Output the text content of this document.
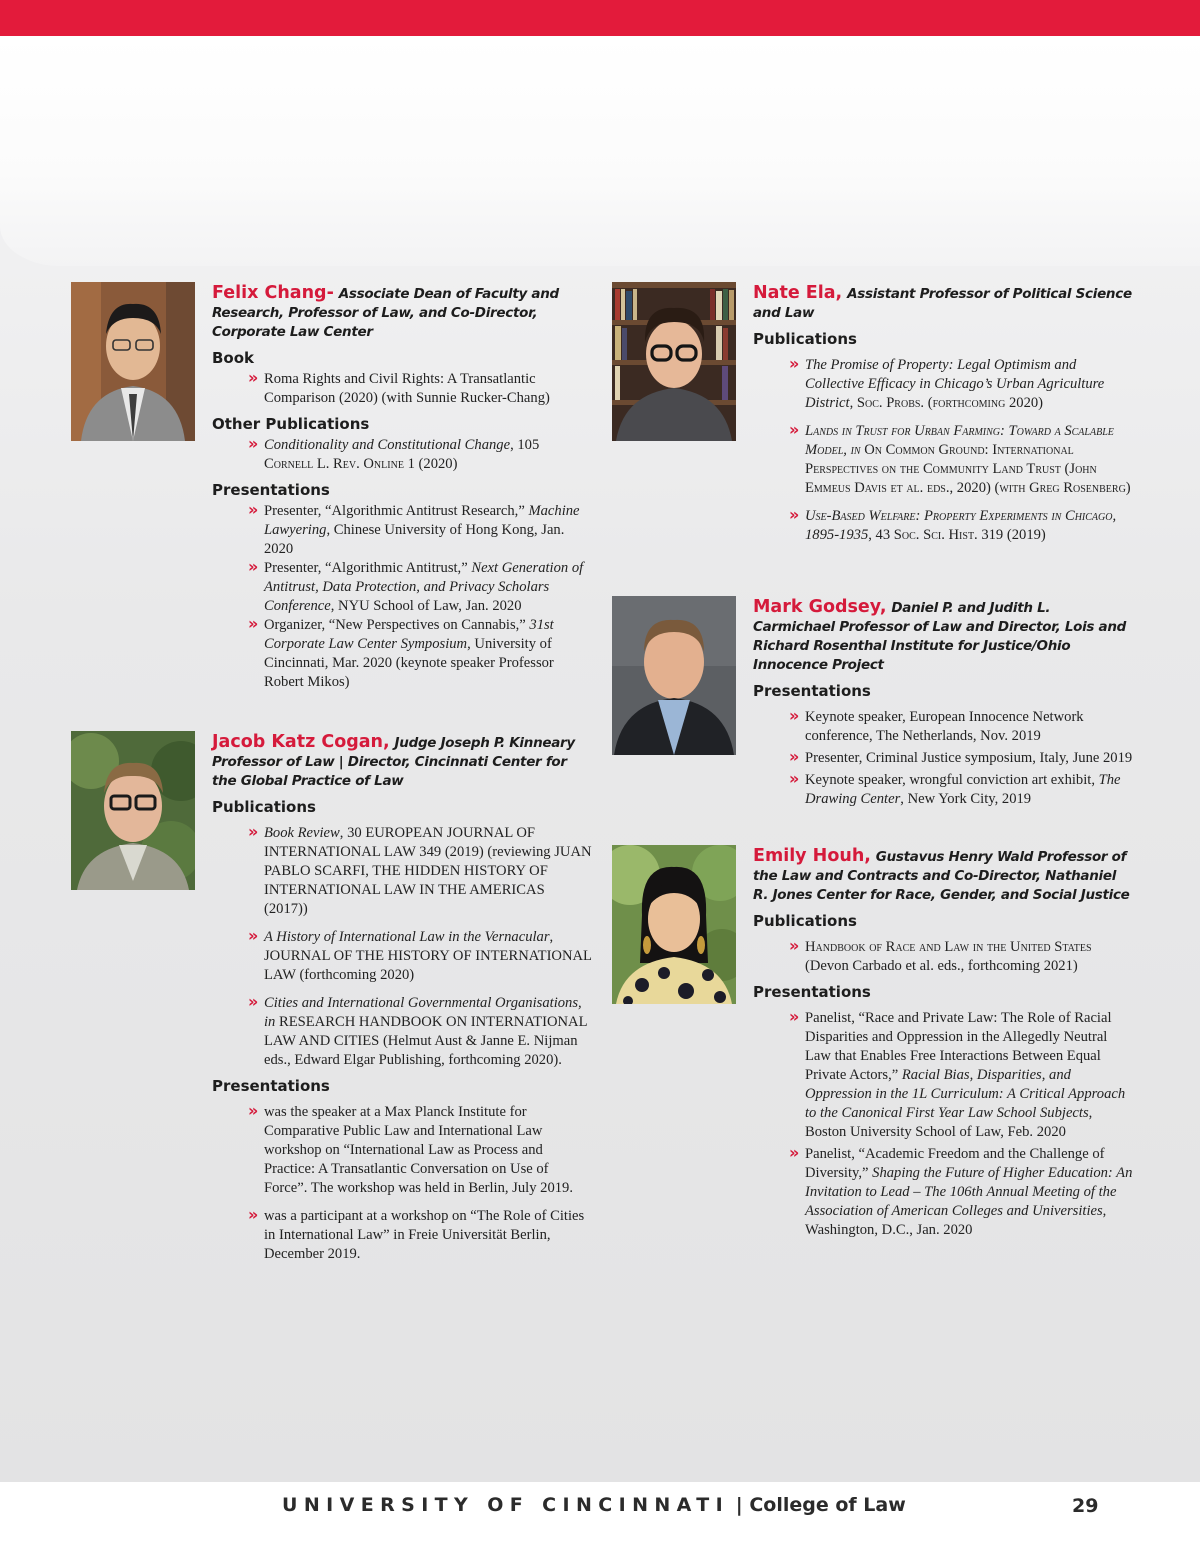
Felix Chang- Associate Dean of Faculty and Research, Professor of Law, and Co-Director, Corporate Law Center
Book
» Roma Rights and Civil Rights: A Transatlantic Comparison (2020) (with Sunnie Rucker-Chang)
Other Publications
» Conditionality and Constitutional Change, 105 Cornell L. Rev. Online 1 (2020)
Presentations
» Presenter, “Algorithmic Antitrust Research,” Machine Lawyering, Chinese University of Hong Kong, Jan. 2020
» Presenter, “Algorithmic Antitrust,” Next Generation of Antitrust, Data Protection, and Privacy Scholars Conference, NYU School of Law, Jan. 2020
» Organizer, “New Perspectives on Cannabis,” 31st Corporate Law Center Symposium, University of Cincinnati, Mar. 2020 (keynote speaker Professor Robert Mikos)
Jacob Katz Cogan, Judge Joseph P. Kinneary Professor of Law | Director, Cincinnati Center for the Global Practice of Law
Publications
» Book Review, 30 EUROPEAN JOURNAL OF INTERNATIONAL LAW 349 (2019) (reviewing JUAN PABLO SCARFI, THE HIDDEN HISTORY OF INTERNATIONAL LAW IN THE AMERICAS (2017))
» A History of International Law in the Vernacular, JOURNAL OF THE HISTORY OF INTERNATIONAL LAW (forthcoming 2020)
» Cities and International Governmental Organisations, in RESEARCH HANDBOOK ON INTERNATIONAL LAW AND CITIES (Helmut Aust & Janne E. Nijman eds., Edward Elgar Publishing, forthcoming 2020).
Presentations
» was the speaker at a Max Planck Institute for Comparative Public Law and International Law workshop on “International Law as Process and Practice: A Transatlantic Conversation on Use of Force”. The workshop was held in Berlin, July 2019.
» was a participant at a workshop on “The Role of Cities in International Law” in Freie Universität Berlin, December 2019.
Nate Ela, Assistant Professor of Political Science and Law
Publications
» The Promise of Property: Legal Optimism and Collective Efficacy in Chicago’s Urban Agriculture District, Soc. Probs. (forthcoming 2020)
» Lands in Trust for Urban Farming: Toward a Scalable Model, in On Common Ground: International Perspectives on the Community Land Trust (John Emmeus Davis et al. eds., 2020) (with Greg Rosenberg)
» Use-Based Welfare: Property Experiments in Chicago, 1895-1935, 43 Soc. Sci. Hist. 319 (2019)
Mark Godsey, Daniel P. and Judith L. Carmichael Professor of Law and Director, Lois and Richard Rosenthal Institute for Justice/Ohio Innocence Project
Presentations
» Keynote speaker, European Innocence Network conference, The Netherlands, Nov. 2019
» Presenter, Criminal Justice symposium, Italy, June 2019
» Keynote speaker, wrongful conviction art exhibit, The Drawing Center, New York City, 2019
Emily Houh, Gustavus Henry Wald Professor of the Law and Contracts and Co-Director, Nathaniel R. Jones Center for Race, Gender, and Social Justice
Publications
» Handbook of Race and Law in the United States (Devon Carbado et al. eds., forthcoming 2021)
Presentations
» Panelist, “Race and Private Law: The Role of Racial Disparities and Oppression in the Allegedly Neutral Law that Enables Free Interactions Between Equal Private Actors,” Racial Bias, Disparities, and Oppression in the 1L Curriculum: A Critical Approach to the Canonical First Year Law School Subjects, Boston University School of Law, Feb. 2020
» Panelist, “Academic Freedom and the Challenge of Diversity,” Shaping the Future of Higher Education: An Invitation to Lead – The 106th Annual Meeting of the Association of American Colleges and Universities, Washington, D.C., Jan. 2020
UNIVERSITY OF CINCINNATI | College of Law	29
